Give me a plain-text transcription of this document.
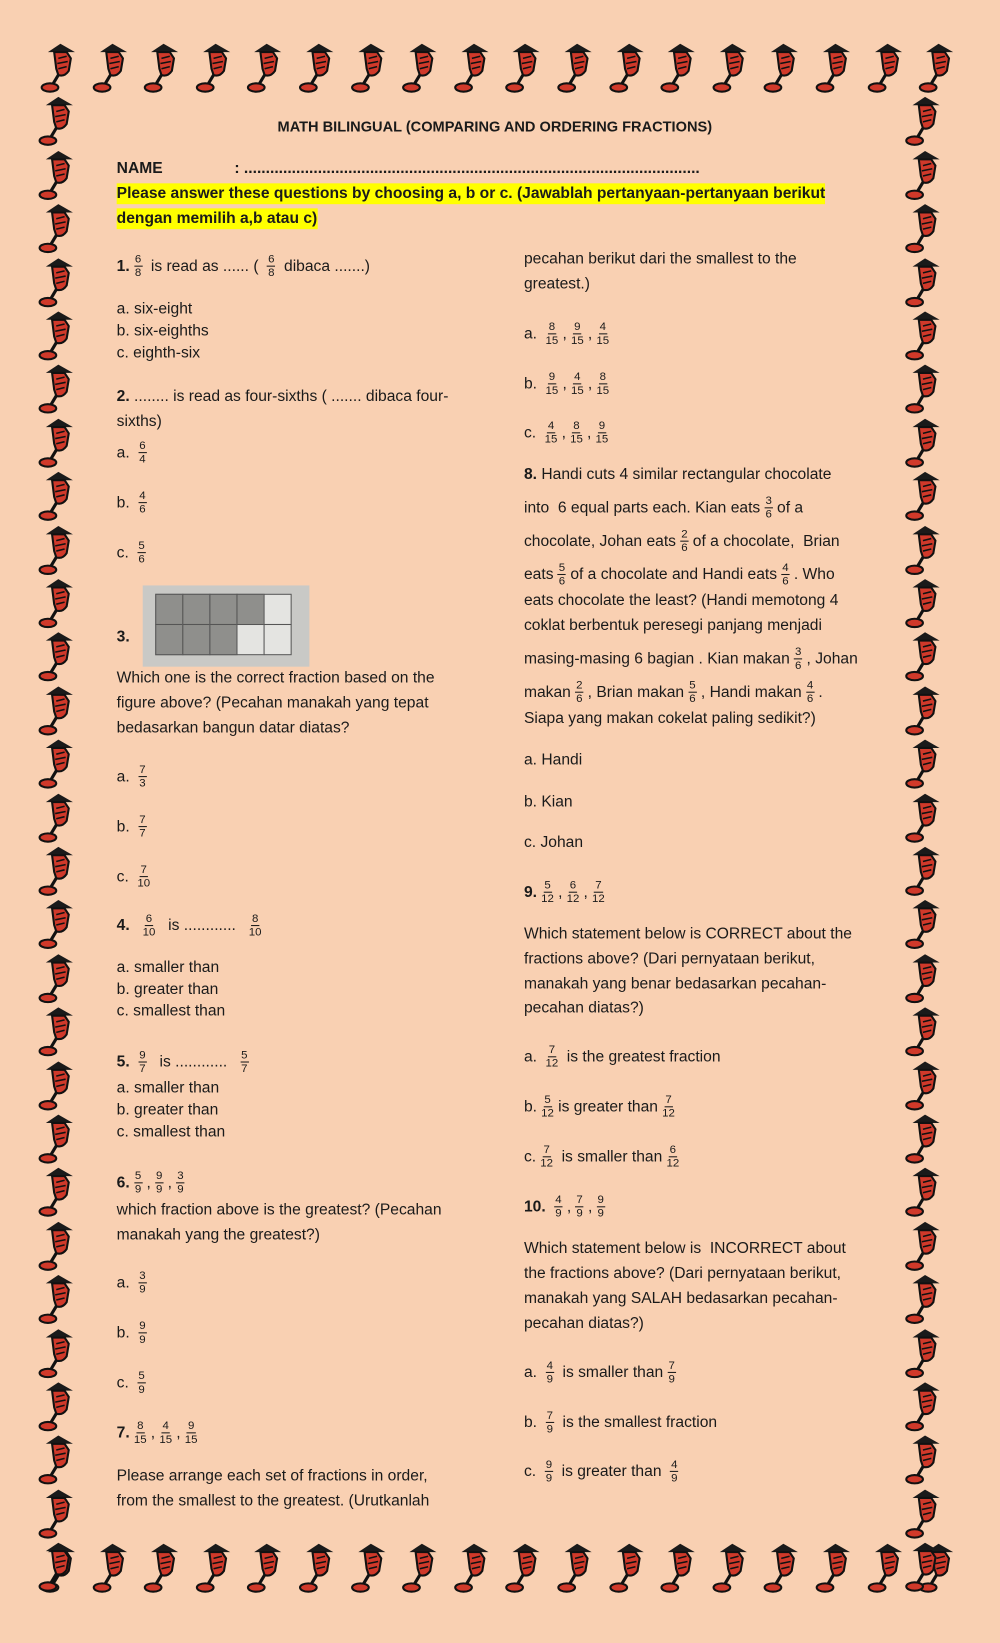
MATH BILINGUAL (COMPARING AND ORDERING FRACTIONS)
NAME	: .........................................................................................................
Please answer these questions by choosing a, b or c. (Jawablah pertanyaan-pertanyaan berikut
dengan memilih a,b atau c)
1. $\frac{6}{8}$ is read as ...... ( $\frac{6}{8}$ dibaca .......)
a. six-eight
b. six-eighths
c. eighth-six
2. ........ is read as four-sixths ( ....... dibaca four-
sixths)
a. $\frac{6}{4}$
b. $\frac{4}{6}$
c. $\frac{5}{6}$
3.
Which one is the correct fraction based on the
figure above? (Pecahan manakah yang tepat
bedasarkan bangun datar diatas?
a. $\frac{7}{3}$
b. $\frac{7}{7}$
c. $\frac{7}{10}$
4.
$\frac{6}{10}$ is ............ $\frac{8}{10}$
a. smaller than
b. greater than
c. smallest than
5.
$\frac{9}{7}$ is ............ $\frac{5}{7}$
a. smaller than
b. greater than
c. smallest than
6. $\frac{5}{9}$ , $\frac{9}{9}$ , $\frac{3}{9}$
which fraction above is the greatest? (Pecahan
manakah yang the greatest?)
a. $\frac{3}{9}$
b. $\frac{9}{9}$
c. $\frac{5}{9}$
7. $\frac{8}{15}$ , $\frac{4}{15}$ , $\frac{9}{15}$
Please arrange each set of fractions in order,
from the smallest to the greatest. (Urutkanlah
pecahan berikut dari the smallest to the
greatest.)
a. $\frac{8}{15}$ , $\frac{9}{15}$ , $\frac{4}{15}$
b. $\frac{9}{15}$ , $\frac{4}{15}$ , $\frac{8}{15}$
c. $\frac{4}{15}$ , $\frac{8}{15}$ , $\frac{9}{15}$
8. Handi cuts 4 similar rectangular chocolate
into  6 equal parts each. Kian eats $\frac{3}{6}$ of a
chocolate, Johan eats $\frac{2}{6}$ of a chocolate,  Brian
eats $\frac{5}{6}$ of a chocolate and Handi eats $\frac{4}{6}$ . Who
eats chocolate the least? (Handi memotong 4
coklat berbentuk peresegi panjang menjadi
masing-masing 6 bagian . Kian makan $\frac{3}{6}$ , Johan
makan $\frac{2}{6}$ , Brian makan $\frac{5}{6}$ , Handi makan $\frac{4}{6}$ .
Siapa yang makan cokelat paling sedikit?)
a. Handi
b. Kian
c. Johan
9. $\frac{5}{12}$ , $\frac{6}{12}$ , $\frac{7}{12}$
Which statement below is CORRECT about the
fractions above? (Dari pernyataan berikut,
manakah yang benar bedasarkan pecahan-
pecahan diatas?)
a. $\frac{7}{12}$ is the greatest fraction
b. $\frac{5}{12}$ is greater than $\frac{7}{12}$
c. $\frac{7}{12}$ is smaller than $\frac{6}{12}$
10.
$\frac{4}{9}$ , $\frac{7}{9}$ , $\frac{9}{9}$
Which statement below is  INCORRECT about
the fractions above? (Dari pernyataan berikut,
manakah yang SALAH bedasarkan pecahan-
pecahan diatas?)
a. $\frac{4}{9}$ is smaller than $\frac{7}{9}$
b. $\frac{7}{9}$ is the smallest fraction
c. $\frac{9}{9}$ is greater than $\frac{4}{9}$
